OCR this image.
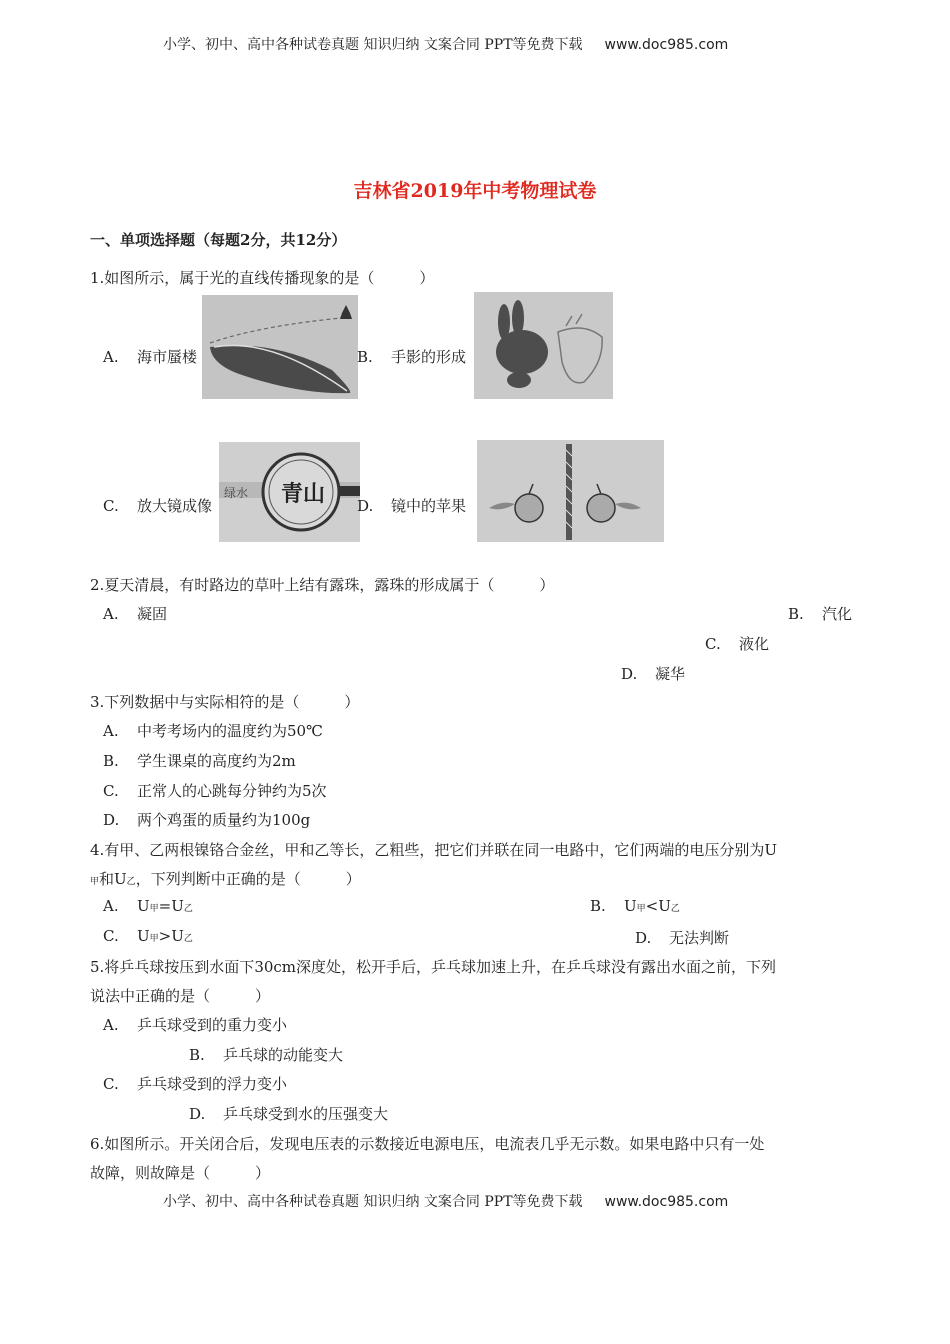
小学、初中、高中各种试卷真题 知识归纳 文案合同 PPT等免费下载 www.doc985.com
吉林省2019年中考物理试卷
一、单项选择题（每题2分，共12分）
1.如图所示，属于光的直线传播现象的是（　　　）
A. 海市蜃楼	B. 手影的形成
C. 放大镜成像
绿水 青山 D. 镜中的苹果
2.夏天清晨，有时路边的草叶上结有露珠，露珠的形成属于（　　　）
A. 凝固	B. 汽化
C. 液化
D. 凝华
3.下列数据中与实际相符的是（　　　）
A. 中考考场内的温度约为50℃
B. 学生课桌的高度约为2m
C. 正常人的心跳每分钟约为5次
D. 两个鸡蛋的质量约为100g
4.有甲、乙两根镍铬合金丝，甲和乙等长，乙粗些，把它们并联在同一电路中，它们两端的电压分别为U
甲和U乙，下列判断中正确的是（　　　）
A. U甲=U乙	B. U甲<U乙
C. U甲>U乙	D. 无法判断
5.将乒乓球按压到水面下30cm深度处，松开手后，乒乓球加速上升，在乒乓球没有露出水面之前，下列
说法中正确的是（　　　）
A. 乒乓球受到的重力变小
B. 乒乓球的动能变大
C. 乒乓球受到的浮力变小
D. 乒乓球受到水的压强变大
6.如图所示。开关闭合后，发现电压表的示数接近电源电压，电流表几乎无示数。如果电路中只有一处
故障，则故障是（　　　）
小学、初中、高中各种试卷真题 知识归纳 文案合同 PPT等免费下载 www.doc985.com
